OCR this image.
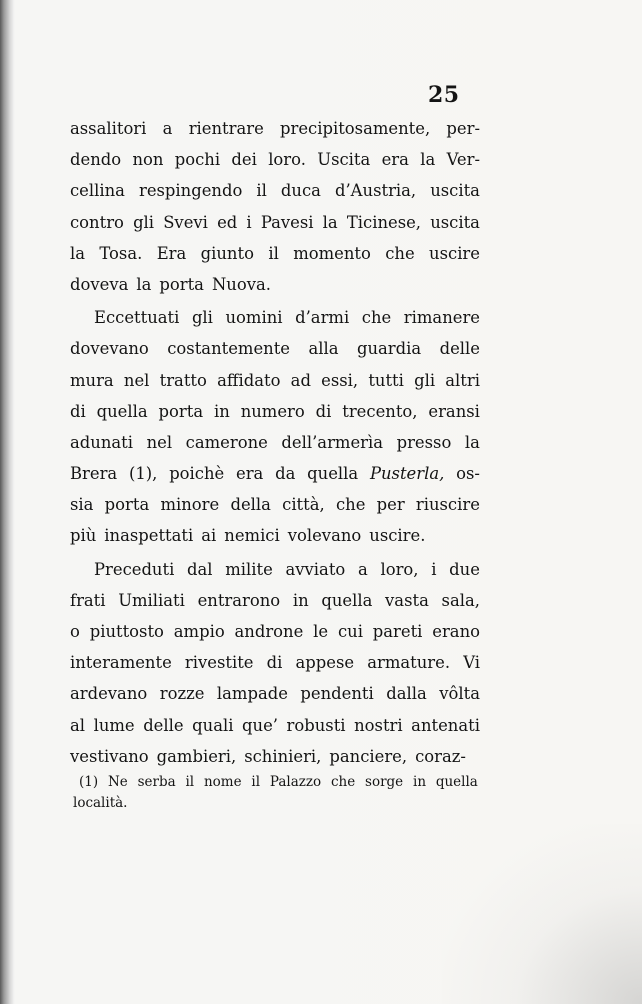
25
assalitori a rientrare precipitosamente, per-
dendo non pochi dei loro. Uscita era la Ver-
cellina respingendo il duca d’Austria, uscita
contro gli Svevi ed i Pavesi la Ticinese, uscita
la Tosa. Era giunto il momento che uscire
doveva la porta Nuova.
Eccettuati gli uomini d’armi che rimanere
dovevano costantemente alla guardia delle
mura nel tratto affidato ad essi, tutti gli altri
di quella porta in numero di trecento, eransi
adunati nel camerone dell’armerìa presso la
Brera (1), poichè era da quella Pusterla, os-
sia porta minore della città, che per riuscire
più inaspettati ai nemici volevano uscire.
Preceduti dal milite avviato a loro, i due
frati Umiliati entrarono in quella vasta sala,
o piuttosto ampio androne le cui pareti erano
interamente rivestite di appese armature. Vi
ardevano rozze lampade pendenti dalla vôlta
al lume delle quali que’ robusti nostri antenati
vestivano gambieri, schinieri, panciere, coraz-
(1) Ne serba il nome il Palazzo che sorge in quella
località.
